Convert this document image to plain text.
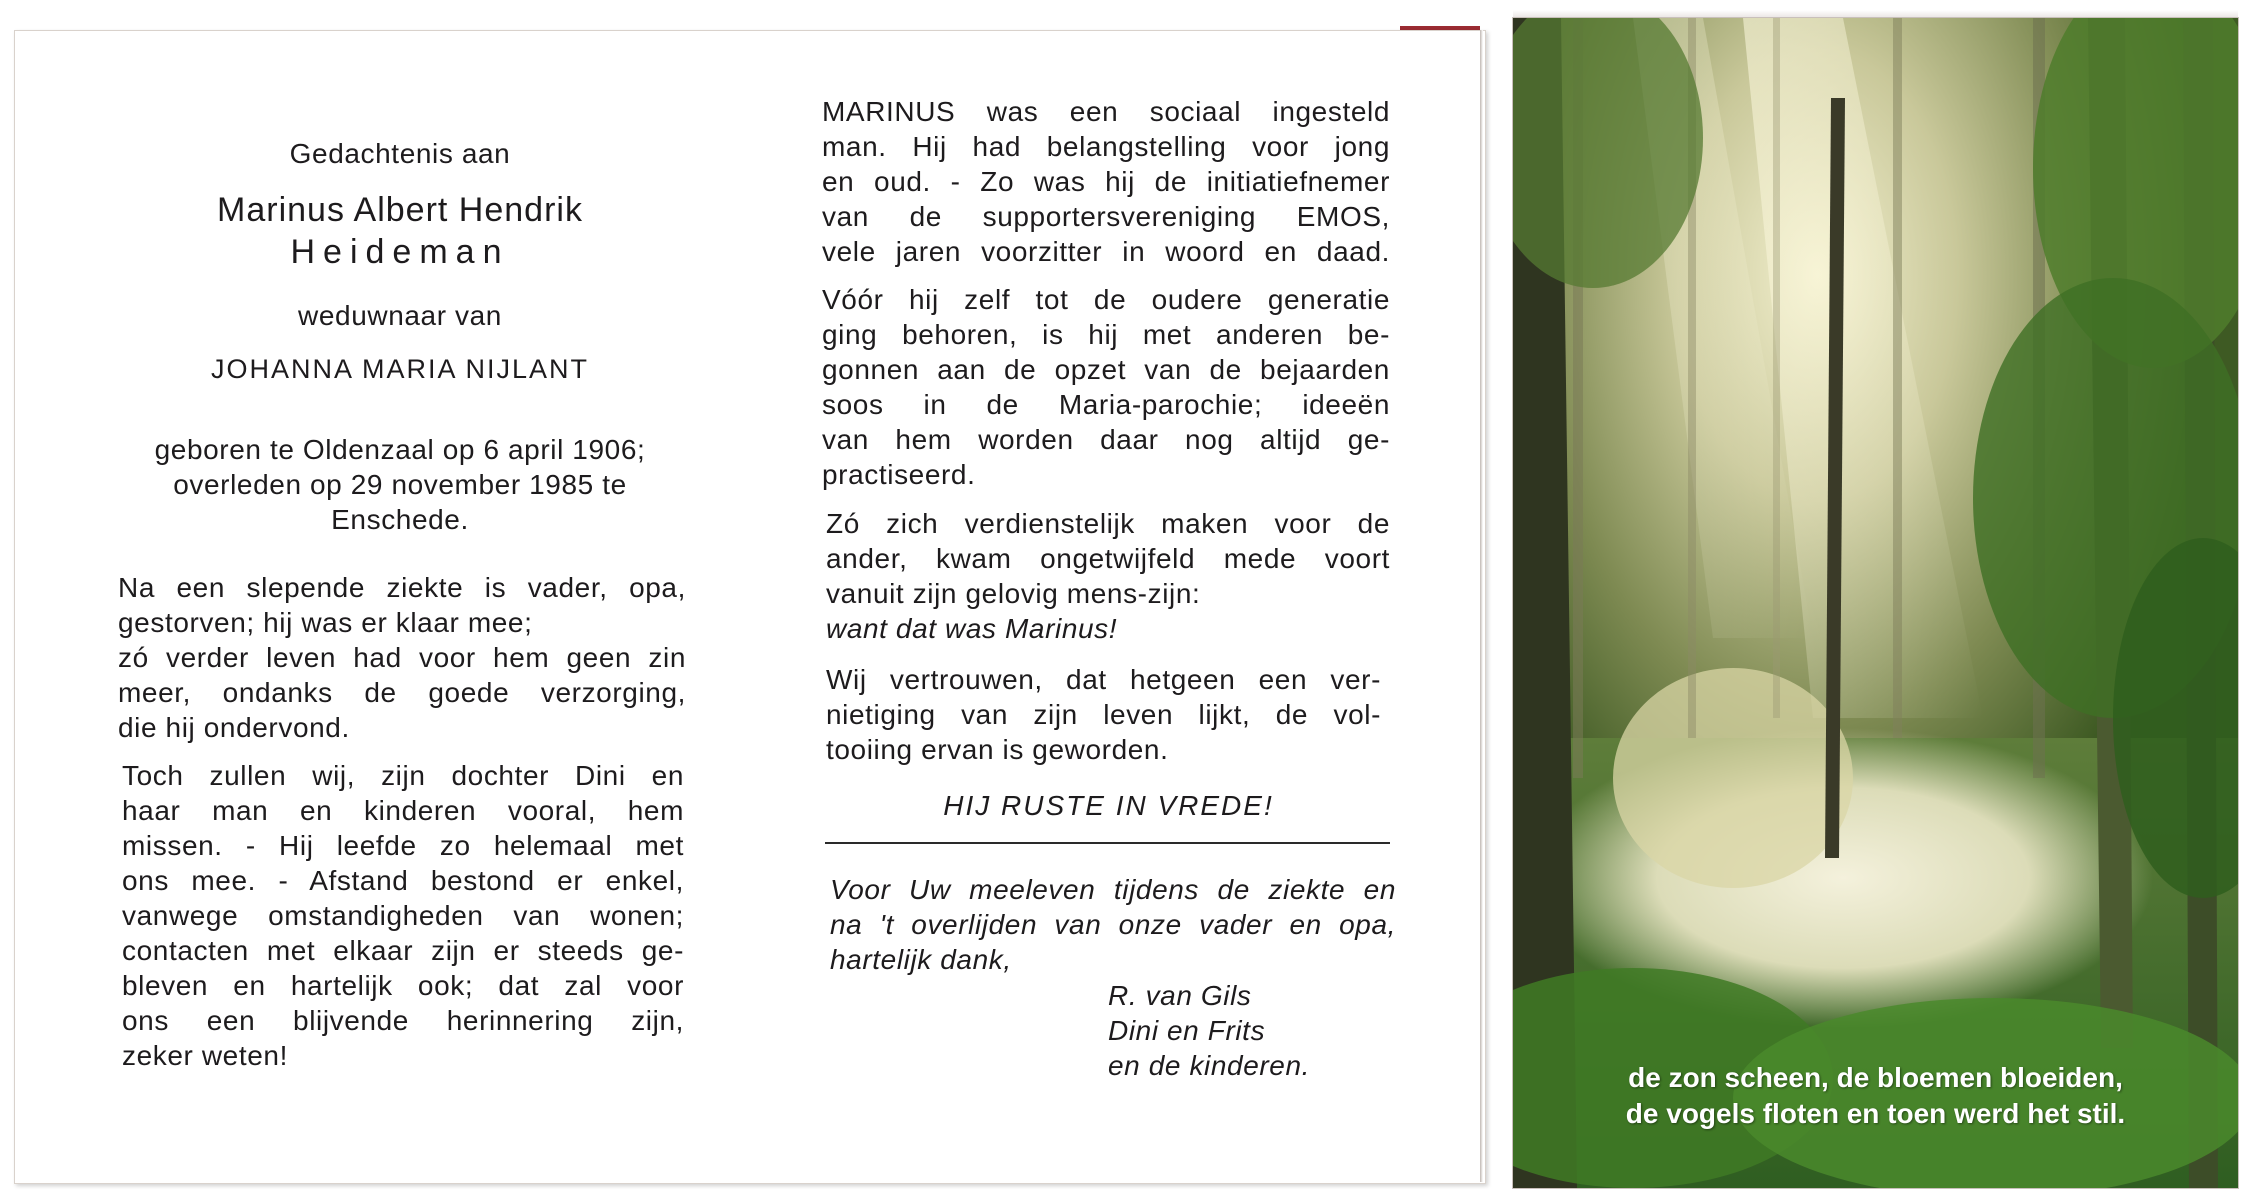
Gedachtenis aan
Marinus Albert Hendrik
Heideman
weduwnaar van
JOHANNA MARIA NIJLANT
geboren te Oldenzaal op 6 april 1906;
overleden op 29 november 1985 te
Enschede.
Na een slepende ziekte is vader, opa,
gestorven; hij was er klaar mee;
zó verder leven had voor hem geen zin
meer, ondanks de goede verzorging,
die hij ondervond.
Toch zullen wij, zijn dochter Dini en
haar man en kinderen vooral, hem
missen. - Hij leefde zo helemaal met
ons mee. - Afstand bestond er enkel,
vanwege omstandigheden van wonen;
contacten met elkaar zijn er steeds ge-
bleven en hartelijk ook; dat zal voor
ons een blijvende herinnering zijn,
zeker weten!
MARINUS was een sociaal ingesteld
man. Hij had belangstelling voor jong
en oud. - Zo was hij de initiatiefnemer
van de supportersvereniging EMOS,
vele jaren voorzitter in woord en daad.
Vóór hij zelf tot de oudere generatie
ging behoren, is hij met anderen be-
gonnen aan de opzet van de bejaarden
soos in de Maria-parochie; ideeën
van hem worden daar nog altijd ge-
practiseerd.
Zó zich verdienstelijk maken voor de
ander, kwam ongetwijfeld mede voort
vanuit zijn gelovig mens-zijn:
want dat was Marinus!
Wij vertrouwen, dat hetgeen een ver-
nietiging van zijn leven lijkt, de vol-
tooiing ervan is geworden.
HIJ RUSTE IN VREDE!
Voor Uw meeleven tijdens de ziekte en
na 't overlijden van onze vader en opa,
hartelijk dank,
R. van Gils
Dini en Frits
en de kinderen.	de zon scheen, de bloemen bloeiden,
de vogels floten en toen werd het stil.
